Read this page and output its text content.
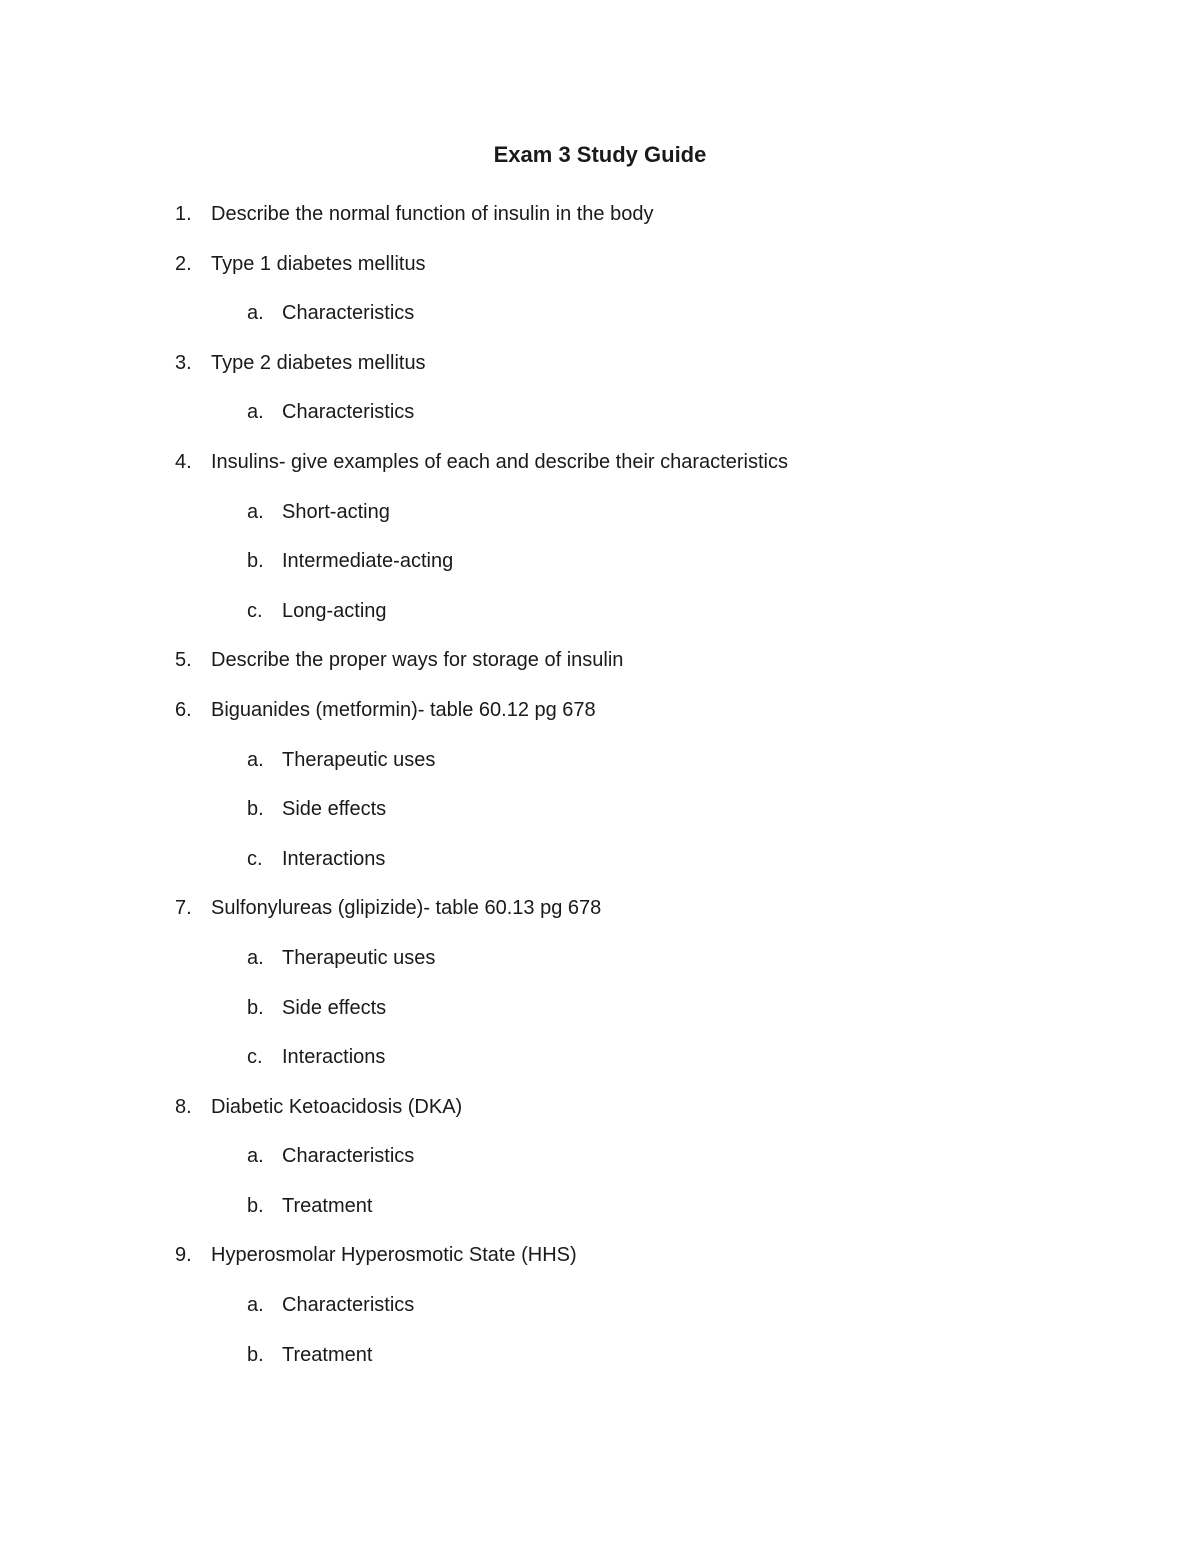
Exam 3 Study Guide
1. Describe the normal function of insulin in the body
2. Type 1 diabetes mellitus
a. Characteristics
3. Type 2 diabetes mellitus
a. Characteristics
4. Insulins- give examples of each and describe their characteristics
a. Short-acting
b. Intermediate-acting
c. Long-acting
5. Describe the proper ways for storage of insulin
6. Biguanides (metformin)- table 60.12 pg 678
a. Therapeutic uses
b. Side effects
c. Interactions
7. Sulfonylureas (glipizide)- table 60.13 pg 678
a. Therapeutic uses
b. Side effects
c. Interactions
8. Diabetic Ketoacidosis (DKA)
a. Characteristics
b. Treatment
9. Hyperosmolar Hyperosmotic State (HHS)
a. Characteristics
b. Treatment
